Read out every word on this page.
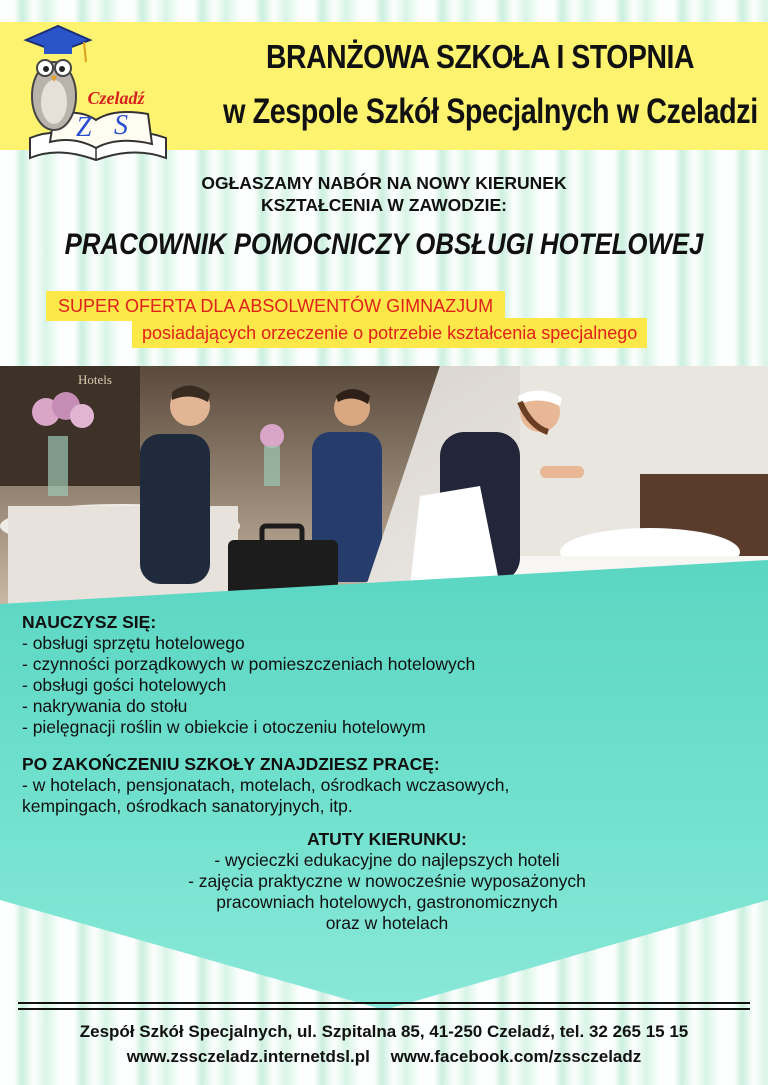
Czeladź
Z S
BRANŻOWA SZKOŁA I STOPNIA
w Zespole Szkół Specjalnych w Czeladzi
OGŁASZAMY NABÓR NA NOWY KIERUNEK
KSZTAŁCENIA W ZAWODZIE:
PRACOWNIK POMOCNICZY OBSŁUGI HOTELOWEJ
SUPER OFERTA DLA ABSOLWENTÓW GIMNAZJUM
posiadających orzeczenie o potrzebie kształcenia specjalnego
Hotels
NAUCZYSZ SIĘ:
- obsługi sprzętu hotelowego
- czynności porządkowych w pomieszczeniach hotelowych
- obsługi gości hotelowych
- nakrywania do stołu
- pielęgnacji roślin w obiekcie i otoczeniu hotelowym
PO ZAKOŃCZENIU SZKOŁY ZNAJDZIESZ PRACĘ:
- w hotelach, pensjonatach, motelach, ośrodkach wczasowych,
kempingach, ośrodkach sanatoryjnych, itp.
ATUTY KIERUNKU:
- wycieczki edukacyjne do najlepszych hoteli
- zajęcia praktyczne w nowocześnie wyposażonych
pracowniach hotelowych, gastronomicznych
oraz w hotelach
Zespół Szkół Specjalnych, ul. Szpitalna 85, 41-250 Czeladź, tel. 32 265 15 15
www.zssczeladz.internetdsl.pl www.facebook.com/zssczeladz
